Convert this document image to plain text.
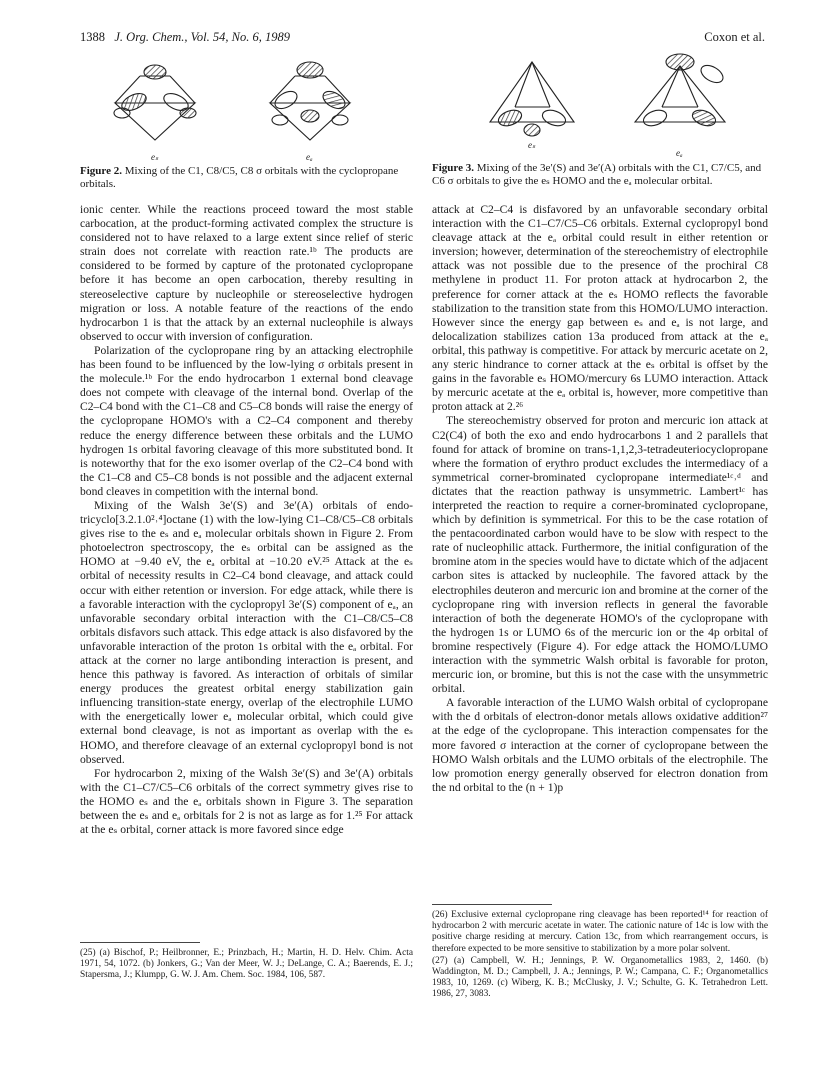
1388 J. Org. Chem., Vol. 54, No. 6, 1989	Coxon et al.
eₛ	eₐ
Figure 2. Mixing of the C1, C8/C5, C8 σ orbitals with the cyclopropane orbitals.
eₛ
eₐ
Figure 3. Mixing of the 3e′(S) and 3e′(A) orbitals with the C1, C7/C5, and C6 σ orbitals to give the eₛ HOMO and the eₐ molecular orbital.

ionic center. While the reactions proceed toward the most stable carbocation, at the product-forming activated complex the structure is considered not to have relaxed to a large extent since relief of steric strain does not correlate with reaction rate.¹ᵇ The products are considered to be formed by capture of the protonated cyclopropane before it has become an open carbocation, thereby resulting in stereoselective capture by nucleophile or stereoselective hydrogen migration or loss. A notable feature of the reactions of the endo hydrocarbon 1 is that the attack by an external nucleophile is always observed to occur with inversion of configuration.

Polarization of the cyclopropane ring by an attacking electrophile has been found to be influenced by the low-lying σ orbitals present in the molecule.¹ᵇ For the endo hydrocarbon 1 external bond cleavage does not compete with cleavage of the internal bond. Overlap of the C2–C4 bond with the C1–C8 and C5–C8 bonds will raise the energy of the cyclopropane HOMO's with a C2–C4 component and thereby reduce the energy difference between these orbitals and the LUMO hydrogen 1s orbital favoring cleavage of this more substituted bond. It is noteworthy that for the exo isomer overlap of the C2–C4 bond with the C1–C8 and C5–C8 bonds is not possible and the adjacent external bond cleaves in competition with the internal bond.

Mixing of the Walsh 3e′(S) and 3e′(A) orbitals of endo-tricyclo[3.2.1.0²˒⁴]octane (1) with the low-lying C1–C8/C5–C8 orbitals gives rise to the eₛ and eₐ molecular orbitals shown in Figure 2. From photoelectron spectroscopy, the eₛ orbital can be assigned as the HOMO at −9.40 eV, the eₐ orbital at −10.20 eV.²⁵ Attack at the eₛ orbital of necessity results in C2–C4 bond cleavage, and attack could occur with either retention or inversion. For edge attack, while there is a favorable interaction with the cyclopropyl 3e′(S) component of eₐ, an unfavorable secondary orbital interaction with the C1–C8/C5–C8 orbitals disfavors such attack. This edge attack is also disfavored by the unfavorable interaction of the proton 1s orbital with the eₐ orbital. For attack at the corner no large antibonding interaction is present, and hence this pathway is favored. As interaction of orbitals of similar energy produces the greatest orbital energy stabilization gain influencing transition-state energy, overlap of the electrophile LUMO with the energetically lower eₐ molecular orbital, which could give external bond cleavage, is not as important as overlap with the eₛ HOMO, and therefore cleavage of an external cyclopropyl bond is not observed.

For hydrocarbon 2, mixing of the Walsh 3e′(S) and 3e′(A) orbitals with the C1–C7/C5–C6 orbitals of the correct symmetry gives rise to the HOMO eₛ and the eₐ orbitals shown in Figure 3. The separation between the eₛ and eₐ orbitals for 2 is not as large as for 1.²⁵ For attack at the eₛ orbital, corner attack is more favored since edge

attack at C2–C4 is disfavored by an unfavorable secondary orbital interaction with the C1–C7/C5–C6 orbitals. External cyclopropyl bond cleavage attack at the eₐ orbital could result in either retention or inversion; however, determination of the stereochemistry of electrophile attack was not possible due to the presence of the prochiral C8 methylene in product 11. For proton attack at hydrocarbon 2, the preference for corner attack at the eₛ HOMO reflects the favorable stabilization to the transition state from this HOMO/LUMO interaction. However since the energy gap between eₛ and eₐ is not large, and delocalization stabilizes cation 13a produced from attack at the eₐ orbital, this pathway is competitive. For attack by mercuric acetate on 2, any steric hindrance to corner attack at the eₛ orbital is offset by the gains in the favorable eₛ HOMO/mercury 6s LUMO interaction. Attack by mercuric acetate at the eₐ orbital is, however, more competitive than proton attack at 2.²⁶

The stereochemistry observed for proton and mercuric ion attack at C2(C4) of both the exo and endo hydrocarbons 1 and 2 parallels that found for attack of bromine on trans-1,1,2,3-tetradeuteriocyclopropane where the formation of erythro product excludes the intermediacy of a symmetrical corner-brominated cyclopropane intermediate¹ᶜ˒ᵈ and dictates that the reaction pathway is unsymmetric. Lambert¹ᶜ has interpreted the reaction to require a corner-brominated cyclopropane, which by definition is symmetrical. For this to be the case rotation of the pentacoordinated carbon would have to be slow with respect to the rate of nucleophilic attack. Furthermore, the initial configuration of the bromine atom in the species would have to dictate which of the adjacent carbon sites is attacked by nucleophile. The favored attack by the electrophiles deuteron and mercuric ion and bromine at the corner of the cyclopropane ring with inversion reflects in general the favorable interaction of both the degenerate HOMO's of the cyclopropane with the hydrogen 1s or LUMO 6s of the mercuric ion or the 4p orbital of bromine respectively (Figure 4). For edge attack the HOMO/LUMO interaction with the symmetric Walsh orbital is favorable for proton, mercuric ion, or bromine, but this is not the case with the unsymmetric orbital.

A favorable interaction of the LUMO Walsh orbital of cyclopropane with the d orbitals of electron-donor metals allows oxidative addition²⁷ at the edge of the cyclopropane. This interaction compensates for the more favored σ interaction at the corner of cyclopropane between the HOMO Walsh orbitals and the LUMO orbitals of the electrophile. The low promotion energy generally observed for electron donation from the nd orbital to the (n + 1)p

(25) (a) Bischof, P.; Heilbronner, E.; Prinzbach, H.; Martin, H. D. Helv. Chim. Acta 1971, 54, 1072. (b) Jonkers, G.; Van der Meer, W. J.; DeLange, C. A.; Baerends, E. J.; Stapersma, J.; Klumpp, G. W. J. Am. Chem. Soc. 1984, 106, 587.

(26) Exclusive external cyclopropane ring cleavage has been reported¹⁴ for reaction of hydrocarbon 2 with mercuric acetate in water. The cationic nature of 14c is low with the positive charge residing at mercury. Cation 13c, from which rearrangement occurs, is therefore expected to be more sensitive to stabilization by a more polar solvent.

(27) (a) Campbell, W. H.; Jennings, P. W. Organometallics 1983, 2, 1460. (b) Waddington, M. D.; Campbell, J. A.; Jennings, P. W.; Campana, C. F.; Organometallics 1983, 10, 1269. (c) Wiberg, K. B.; McClusky, J. V.; Schulte, G. K. Tetrahedron Lett. 1986, 27, 3083.
